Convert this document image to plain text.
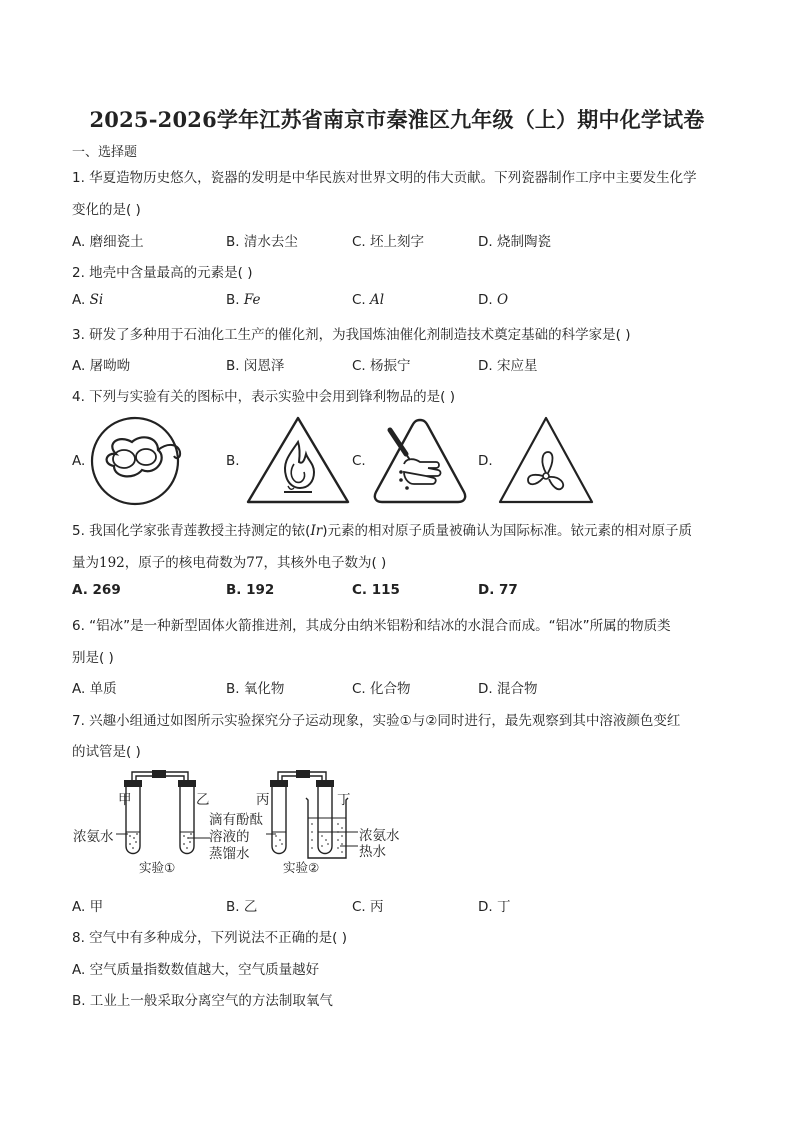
2025-2026学年江苏省南京市秦淮区九年级（上）期中化学试卷
一、选择题
1. 华夏造物历史悠久，瓷器的发明是中华民族对世界文明的伟大贡献。下列瓷器制作工序中主要发生化学
变化的是( )
A. 磨细瓷土	B. 清水去尘	C. 坯上刻字	D. 烧制陶瓷
2. 地壳中含量最高的元素是( )
A. Si	B. Fe	C. Al	D. O
3. 研发了多种用于石油化工生产的催化剂，为我国炼油催化剂制造技术奠定基础的科学家是( )
A. 屠呦呦	B. 闵恩泽	C. 杨振宁	D. 宋应星
4. 下列与实验有关的图标中，表示实验中会用到锋利物品的是( )
A.	B.	C.	D.
5. 我国化学家张青莲教授主持测定的铱(Ir)元素的相对原子质量被确认为国际标准。铱元素的相对原子质
量为192，原子的核电荷数为77，其核外电子数为( )
A. 269	B. 192	C. 115	D. 77
6. “铝冰”是一种新型固体火箭推进剂，其成分由纳米铝粉和结冰的水混合而成。“铝冰”所属的物质类
别是( )
A. 单质	B. 氧化物	C. 化合物	D. 混合物
7. 兴趣小组通过如图所示实验探究分子运动现象，实验①与②同时进行，最先观察到其中溶液颜色变红
的试管是( )
甲	乙	丙	丁
浓氨水
滴有酚酞
溶液的
蒸馏水
浓氨水
热水
实验①	实验②
A. 甲	B. 乙	C. 丙	D. 丁
8. 空气中有多种成分，下列说法不正确的是( )
A. 空气质量指数数值越大，空气质量越好
B. 工业上一般采取分离空气的方法制取氧气
